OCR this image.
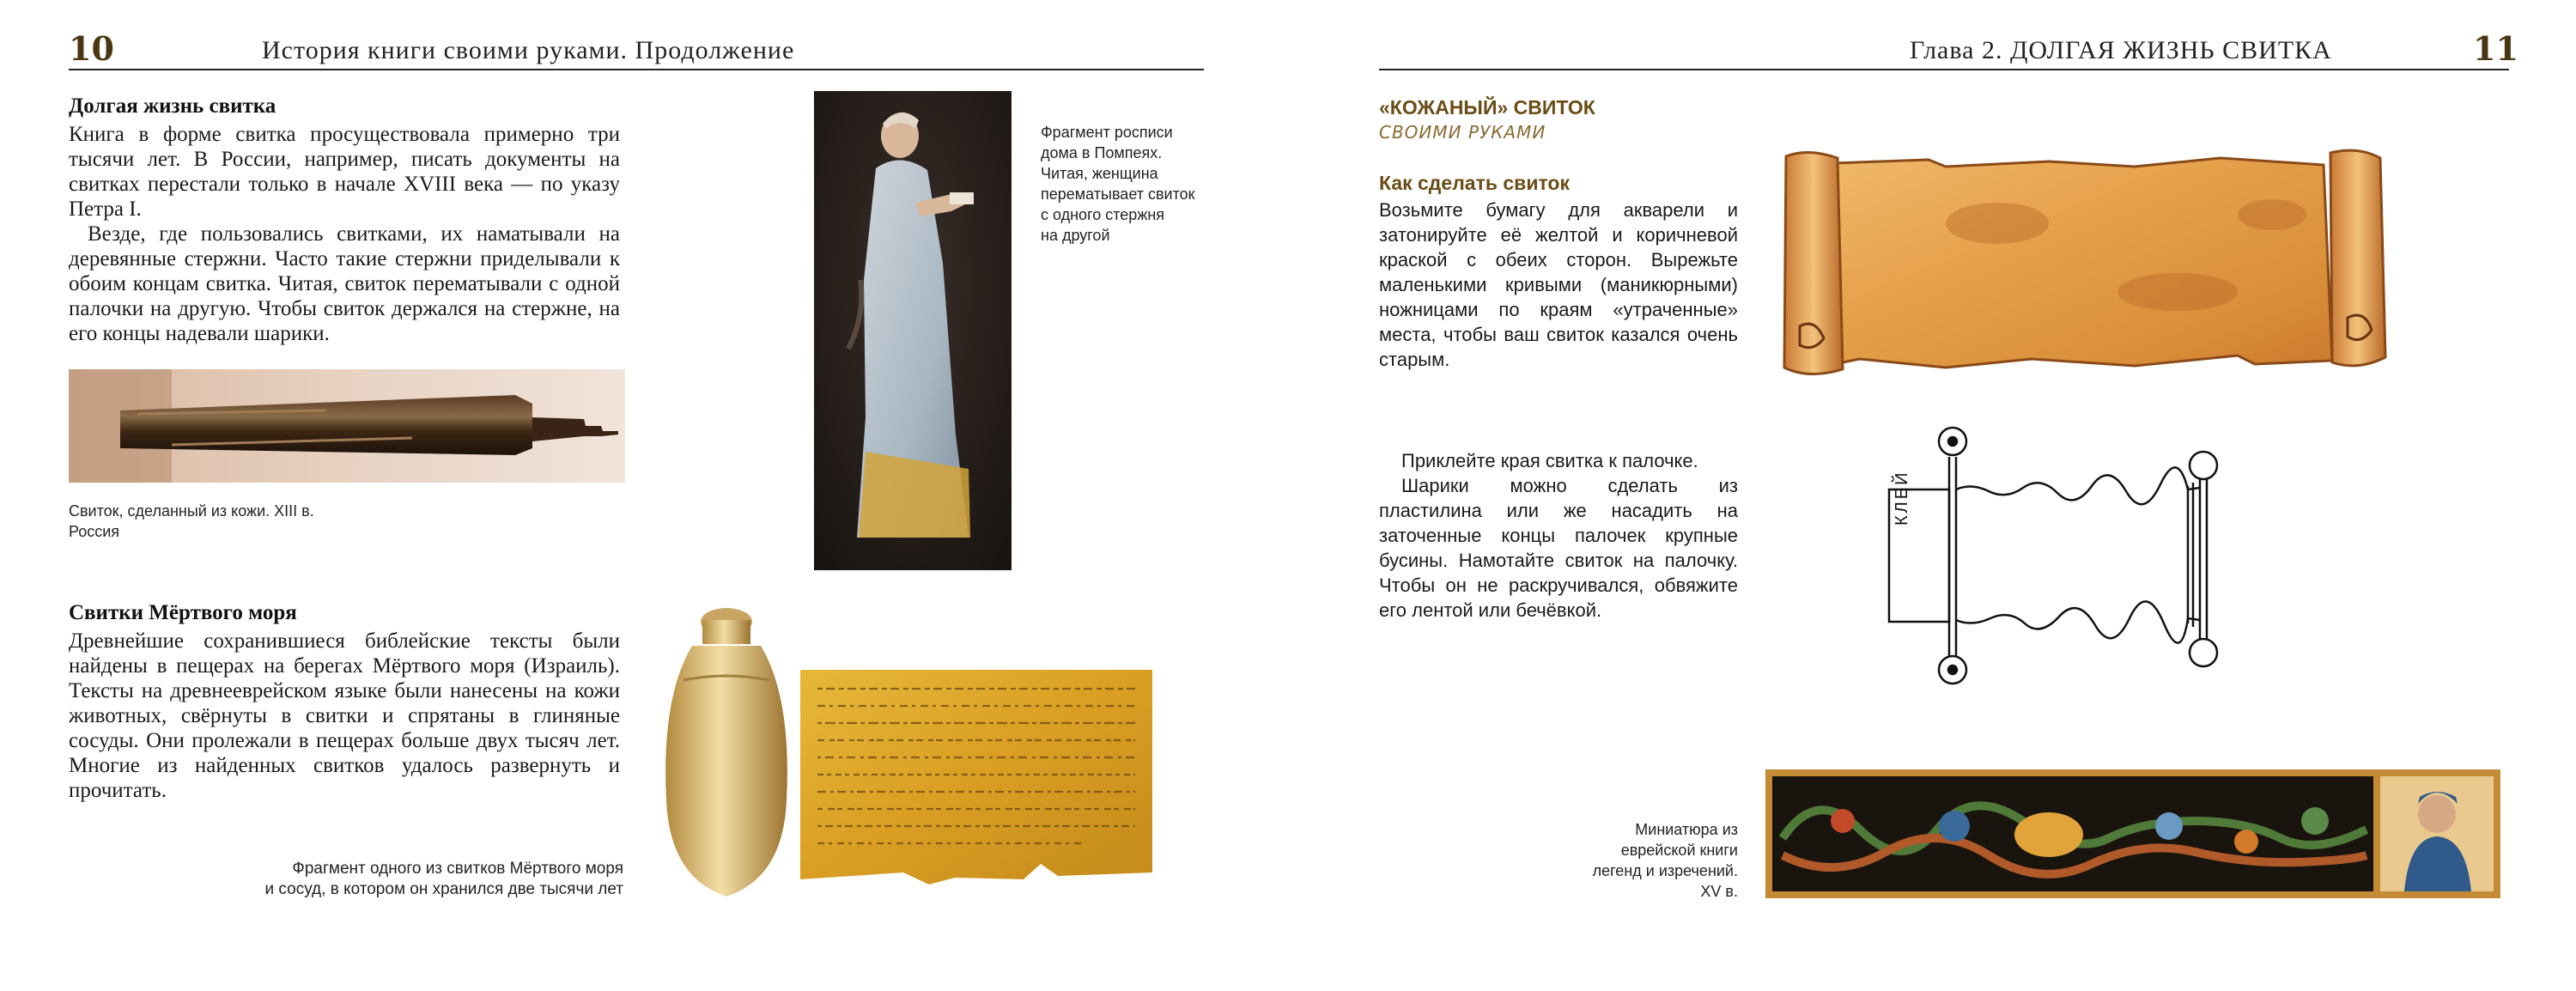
10	История книги своими руками. Продолжение
Долгая жизнь свитка

Книга в форме свитка просуществовала примерно три тысячи лет. В России, например, писать документы на свитках перестали только в начале XVIII века — по указу Петра I.

Везде, где пользовались свитками, их наматывали на деревянные стержни. Часто такие стержни приделывали к обоим концам свитка. Читая, свиток перематывали с одной палочки на другую. Чтобы свиток держался на стержне, на его концы надевали шарики.

Свиток, сделанный из кожи. XIII в.
Россия
Фрагмент росписи
дома в Помпеях.
Читая, женщина
перематывает свиток
с одного стержня
на другой
Свитки Мёртвого моря

Древнейшие сохранившиеся библейские тексты были найдены в пещерах на берегах Мёртвого моря (Израиль). Тексты на древнееврейском языке были нанесены на кожи животных, свёрнуты в свитки и спрятаны в глиняные сосуды. Они пролежали в пещерах больше двух тысяч лет. Многие из найденных свитков удалось развернуть и прочитать.

Фрагмент одного из свитков Мёртвого моря
и сосуд, в котором он хранился две тысячи лет
Глава 2. ДОЛГАЯ ЖИЗНЬ СВИТКА	11
«КОЖАНЫЙ» СВИТОК
СВОИМИ РУКАМИ
Как сделать свиток

Возьмите бумагу для акварели и затонируйте её желтой и коричневой краской с обеих сторон. Вырежьте маленькими кривыми (маникюрными) ножницами по краям «утраченные» места, чтобы ваш свиток казался очень старым.

Приклейте края свитка к палочке.

Шарики можно сделать из пластилина или же насадить на заточенные концы палочек крупные бусины. Намотайте свиток на палочку. Чтобы он не раскручивался, обвяжите его лентой или бечёвкой.

КЛЕЙ
Миниатюра из
еврейской книги
легенд и изречений.
XV в.
